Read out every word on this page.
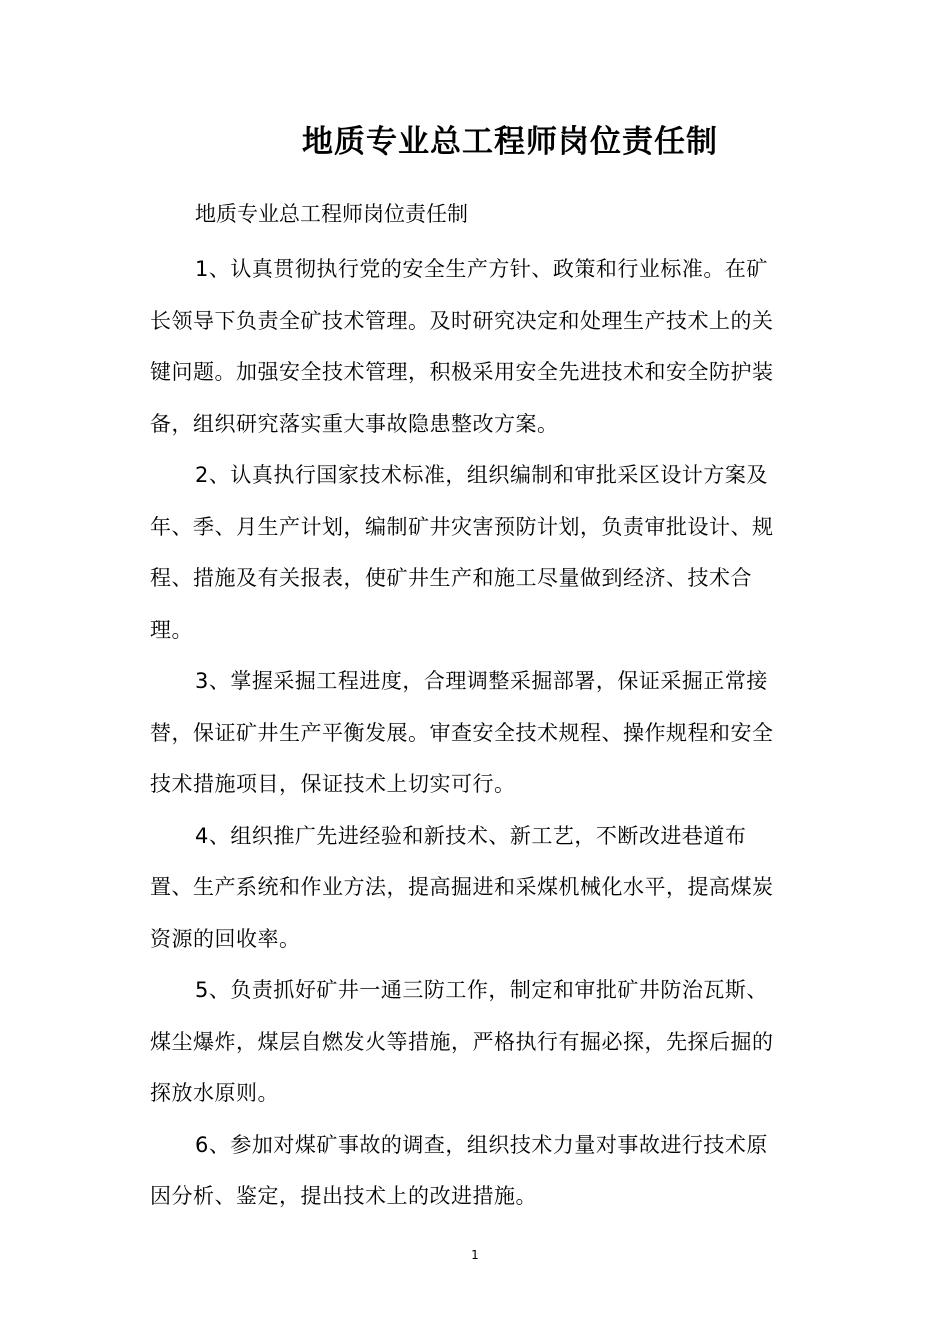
地质专业总工程师岗位责任制
地质专业总工程师岗位责任制
1、认真贯彻执行党的安全生产方针、政策和行业标准。在矿
长领导下负责全矿技术管理。及时研究决定和处理生产技术上的关
键问题。加强安全技术管理，积极采用安全先进技术和安全防护装
备，组织研究落实重大事故隐患整改方案。
2、认真执行国家技术标准，组织编制和审批采区设计方案及
年、季、月生产计划，编制矿井灾害预防计划，负责审批设计、规
程、措施及有关报表，使矿井生产和施工尽量做到经济、技术合
理。
3、掌握采掘工程进度，合理调整采掘部署，保证采掘正常接
替，保证矿井生产平衡发展。审查安全技术规程、操作规程和安全
技术措施项目，保证技术上切实可行。
4、组织推广先进经验和新技术、新工艺，不断改进巷道布
置、生产系统和作业方法，提高掘进和采煤机械化水平，提高煤炭
资源的回收率。
5、负责抓好矿井一通三防工作，制定和审批矿井防治瓦斯、
煤尘爆炸，煤层自燃发火等措施，严格执行有掘必探，先探后掘的
探放水原则。
6、参加对煤矿事故的调查，组织技术力量对事故进行技术原
因分析、鉴定，提出技术上的改进措施。
1
